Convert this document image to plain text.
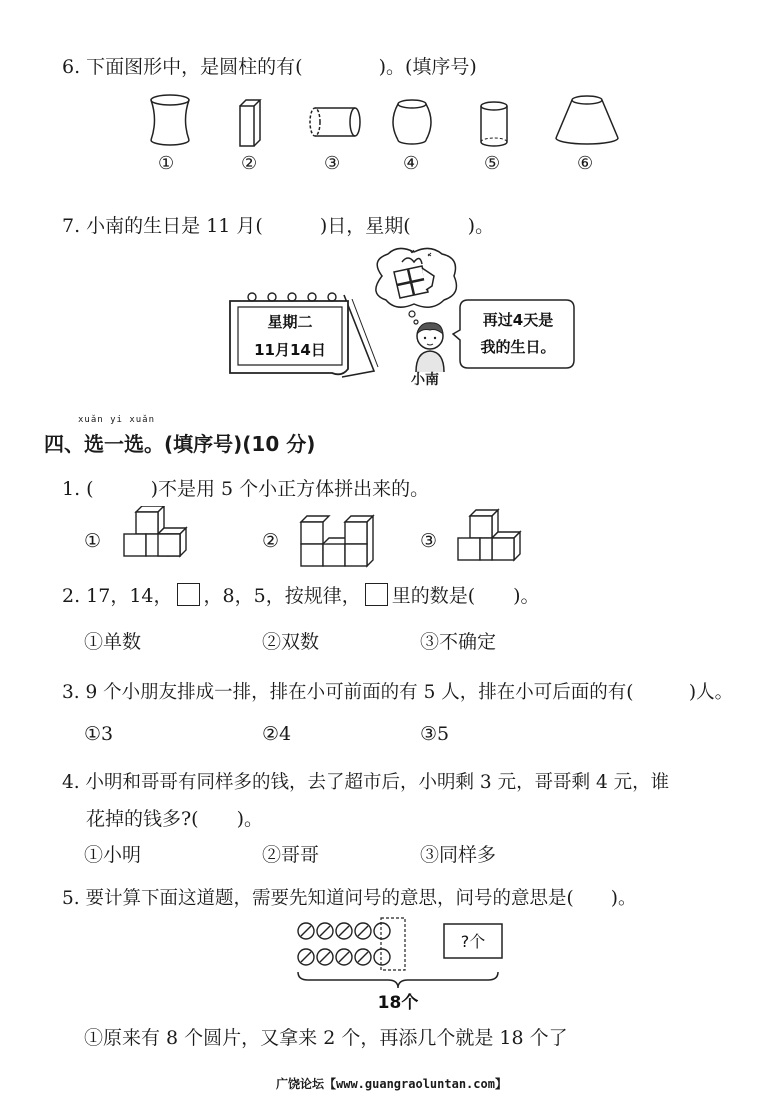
6. 下面图形中，是圆柱的有(　　　　)。(填序号)
①	②	③	④	⑤	⑥
7. 小南的生日是 11 月(　　　)日，星期(　　　)。
星期二
11月14日
小南
再过4天是
我的生日。
xuǎn yi xuǎn
四、选一选。(填序号)(10 分)
1. (　　　)不是用 5 个小正方体拼出来的。
①	②	③
2. 17，14， ，8，5，按规律， 里的数是(　　)。
①单数	②双数	③不确定
3. 9 个小朋友排成一排，排在小可前面的有 5 人，排在小可后面的有(　　　)人。
①3	②4	③5
4. 小明和哥哥有同样多的钱，去了超市后，小明剩 3 元，哥哥剩 4 元，谁
花掉的钱多?(　　)。
①小明	②哥哥	③同样多
5. 要计算下面这道题，需要先知道问号的意思，问号的意思是(　　)。
?个
18个
①原来有 8 个圆片，又拿来 2 个，再添几个就是 18 个了
广饶论坛【www.guangraoluntan.com】
